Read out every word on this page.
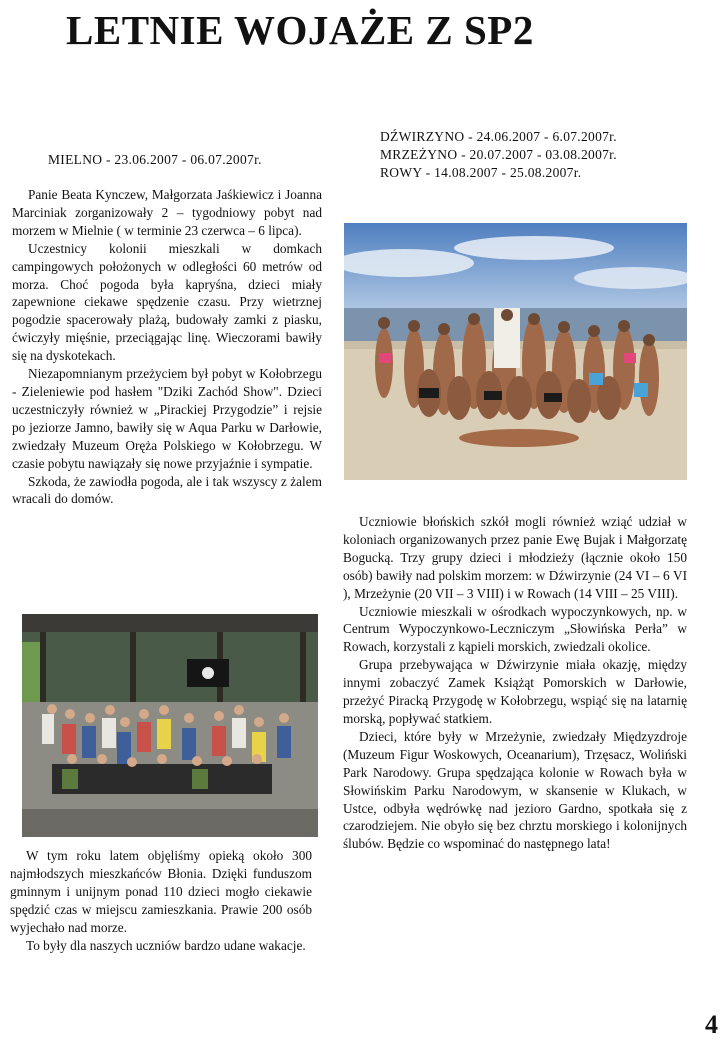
LETNIE WOJAŻE Z SP2
MIELNO - 23.06.2007 - 06.07.2007r.
DŹWIRZYNO - 24.06.2007 - 6.07.2007r.
MRZEŻYNO - 20.07.2007 - 03.08.2007r.
ROWY - 14.08.2007 - 25.08.2007r.

Panie Beata Kynczew, Małgorzata Jaśkiewicz i Joanna Marciniak zorganizowały 2 – tygodniowy pobyt nad morzem w Mielnie ( w terminie 23 czerwca – 6 lipca).

Uczestnicy kolonii mieszkali w domkach campingowych położonych w odległości 60 metrów od morza. Choć pogoda była kapryśna, dzieci miały zapewnione ciekawe spędzenie czasu. Przy wietrznej pogodzie spacerowały plażą, budowały zamki z piasku, ćwiczyły mięśnie, przeciągając linę. Wieczorami bawiły się na dyskotekach.

Niezapomnianym przeżyciem był pobyt w Kołobrzegu - Zieleniewie pod hasłem "Dziki Zachód Show". Dzieci uczestniczyły również w „Pirackiej Przygodzie” i rejsie po jeziorze Jamno, bawiły się w Aqua Parku w Darłowie, zwiedzały Muzeum Oręża Polskiego w Kołobrzegu. W czasie pobytu nawiązały się nowe przyjaźnie i sympatie.

Szkoda, że zawiodła pogoda, ale i tak wszyscy z żalem wracali do domów.

Uczniowie błońskich szkół mogli również wziąć udział w koloniach organizowanych przez panie Ewę Bujak i Małgorzatę Bogucką. Trzy grupy dzieci i młodzieży (łącznie około 150 osób) bawiły nad polskim morzem: w Dźwirzynie (24 VI – 6 VI ), Mrzeżynie (20 VII – 3 VIII) i w Rowach (14 VIII – 25 VIII).

Uczniowie mieszkali w ośrodkach wypoczynkowych, np. w Centrum Wypoczynkowo-Leczniczym „Słowińska Perła” w Rowach, korzystali z kąpieli morskich, zwiedzali okolice.

Grupa przebywająca w Dźwirzynie miała okazję, między innymi zobaczyć Zamek Książąt Pomorskich w Darłowie, przeżyć Piracką Przygodę w Kołobrzegu, wspiąć się na latarnię morską, popływać statkiem.

Dzieci, które były w Mrzeżynie, zwiedzały Międzyzdroje (Muzeum Figur Woskowych, Oceanarium), Trzęsacz, Woliński Park Narodowy. Grupa spędzająca kolonie w Rowach była w Słowińskim Parku Narodowym, w skansenie w Klukach, w Ustce, odbyła wędrówkę nad jezioro Gardno, spotkała się z czarodziejem. Nie obyło się bez chrztu morskiego i kolonijnych ślubów. Będzie co wspominać do następnego lata!

W tym roku latem objęliśmy opieką około 300 najmłodszych mieszkańców Błonia. Dzięki funduszom gminnym i unijnym ponad 110 dzieci mogło ciekawie spędzić czas w miejscu zamieszkania. Prawie 200 osób wyjechało nad morze.

To były dla naszych uczniów bardzo udane wakacje.

4
